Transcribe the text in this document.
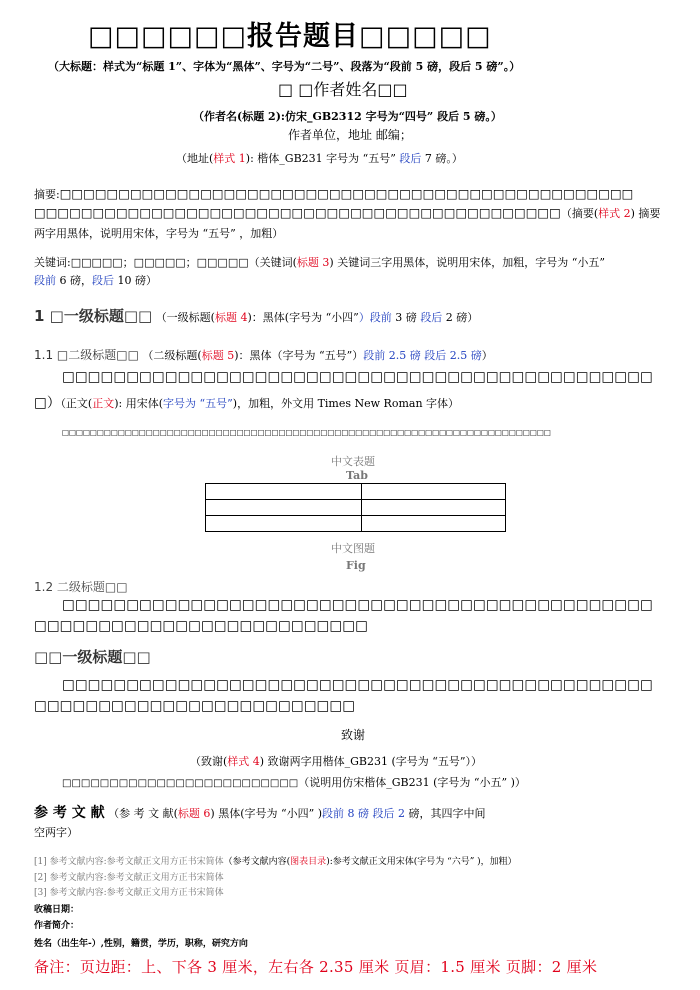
□□□□□□报告题目□□□□□
（大标题：样式为“标题 1”、字体为“黑体”、字号为“二号”、段落为“段前 5 磅，段后 5 磅”。）
□ □作者姓名□□
（作者名(标题 2):仿宋_GB2312 字号为“四号” 段后 5 磅。）
作者单位，地址 邮编；
（地址(样式 1): 楷体_GB231 字号为 “五号” 段后 7 磅。）
摘要:□□□□□□□□□□□□□□□□□□□□□□□□□□□□□□□□□□□□□□□□□□□□□□□□□
□□□□□□□□□□□□□□□□□□□□□□□□□□□□□□□□□□□□□□□□□□□□□（摘要(样式 2) 摘要
两字用黑体，说明用宋体，字号为 “五号” ，加粗）
关键词:□□□□□；□□□□□；□□□□□（关键词(标题 3) 关键词三字用黑体，说明用宋体，加粗，字号为 “小五”
段前 6 磅，段后 10 磅）
1 □一级标题□□ （一级标题(标题 4)：黑体(字号为 “小四”）段前 3 磅 段后 2 磅）
1.1 □二级标题□□ （二级标题(标题 5)：黑体（字号为 “五号”）段前 2.5 磅 段后 2.5 磅）
□□□□□□□□□□□□□□□□□□□□□□□□□□□□□□□□□□□□□□□□□□□□□□
□）（正文(正文): 用宋体(字号为 “五号”)，加粗，外文用 Times New Roman 字体）
□□□□□□□□□□□□□□□□□□□□□□□□□□□□□□□□□□□□□□□□□□□□□□□□□□□□□□□□□□□□□□□□□□□□□□
中文表题
Tab

中文图题
Fig
1.2 二级标题□□
□□□□□□□□□□□□□□□□□□□□□□□□□□□□□□□□□□□□□□□□□□□□□□
□□□□□□□□□□□□□□□□□□□□□□□□□□
□□一级标题□□
□□□□□□□□□□□□□□□□□□□□□□□□□□□□□□□□□□□□□□□□□□□□□□
□□□□□□□□□□□□□□□□□□□□□□□□□
致谢
（致谢(样式 4) 致谢两字用楷体_GB231 (字号为 “五号”））
□□□□□□□□□□□□□□□□□□□□□□□□□（说明用仿宋楷体_GB231 (字号为 “小五” )）
参 考 文 献 （参 考 文 献(标题 6) 黑体(字号为 “小四” )段前 8 磅 段后 2 磅，其四字中间
空两字）
[1] 参考文献内容:参考文献正文用方正书宋简体（参考文献内容(图表目录):参考文献正文用宋体(字号为 “六号” )，加粗）
[2] 参考文献内容:参考文献正文用方正书宋简体
[3] 参考文献内容:参考文献正文用方正书宋简体
收稿日期：
作者简介：
姓名（出生年-）,性别，籍贯，学历，职称，研究方向
备注：页边距：上、下各 3 厘米，左右各 2.35 厘米 页眉：1.5 厘米 页脚：2 厘米
